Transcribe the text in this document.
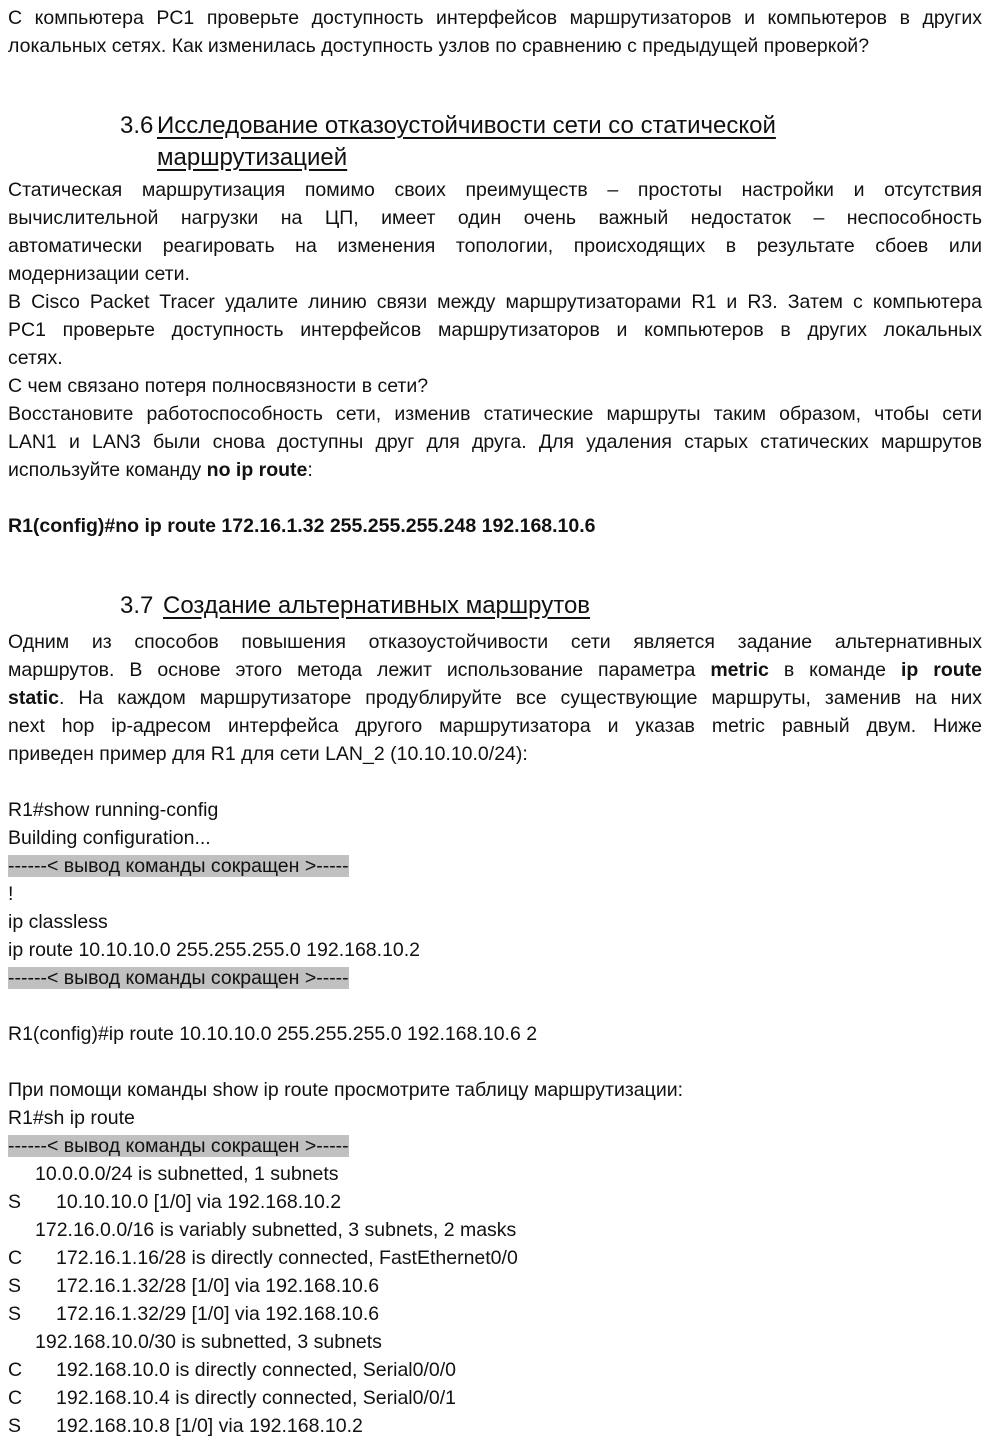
С компьютера PC1 проверьте доступность интерфейсов маршрутизаторов и компьютеров в других
локальных сетях. Как изменилась доступность узлов по сравнению с предыдущей проверкой?
3.6 Исследование отказоустойчивости сети со статической
маршрутизацией
Статическая маршрутизация помимо своих преимуществ – простоты настройки и отсутствия
вычислительной нагрузки на ЦП, имеет один очень важный недостаток – неспособность
автоматически реагировать на изменения топологии, происходящих в результате сбоев или
модернизации сети.
В Cisco Packet Tracer удалите линию связи между маршрутизаторами R1 и R3. Затем с компьютера
PC1 проверьте доступность интерфейсов маршрутизаторов и компьютеров в других локальных
сетях.
С чем связано потеря полносвязности в сети?
Восстановите работоспособность сети, изменив статические маршруты таким образом, чтобы сети
LAN1 и LAN3 были снова доступны друг для друга. Для удаления старых статических маршрутов
используйте команду no ip route:
R1(config)#no ip route 172.16.1.32 255.255.255.248 192.168.10.6
3.7 Создание альтернативных маршрутов
Одним из способов повышения отказоустойчивости сети является задание альтернативных
маршрутов. В основе этого метода лежит использование параметра metric в команде ip route
static. На каждом маршрутизаторе продублируйте все существующие маршруты, заменив на них
next hop ip-адресом интерфейса другого маршрутизатора и указав metric равный двум. Ниже
приведен пример для R1 для сети LAN_2 (10.10.10.0/24):
R1#show running-config
Building configuration...
------< вывод команды сокращен >-----
!
ip classless
ip route 10.10.10.0 255.255.255.0 192.168.10.2
------< вывод команды сокращен >-----
R1(config)#ip route 10.10.10.0 255.255.255.0 192.168.10.6 2
При помощи команды show ip route просмотрите таблицу маршрутизации:
R1#sh ip route
------< вывод команды сокращен >-----
10.0.0.0/24 is subnetted, 1 subnets
S 10.10.10.0 [1/0] via 192.168.10.2
172.16.0.0/16 is variably subnetted, 3 subnets, 2 masks
C 172.16.1.16/28 is directly connected, FastEthernet0/0
S 172.16.1.32/28 [1/0] via 192.168.10.6
S 172.16.1.32/29 [1/0] via 192.168.10.6
192.168.10.0/30 is subnetted, 3 subnets
C 192.168.10.0 is directly connected, Serial0/0/0
C 192.168.10.4 is directly connected, Serial0/0/1
S 192.168.10.8 [1/0] via 192.168.10.2
